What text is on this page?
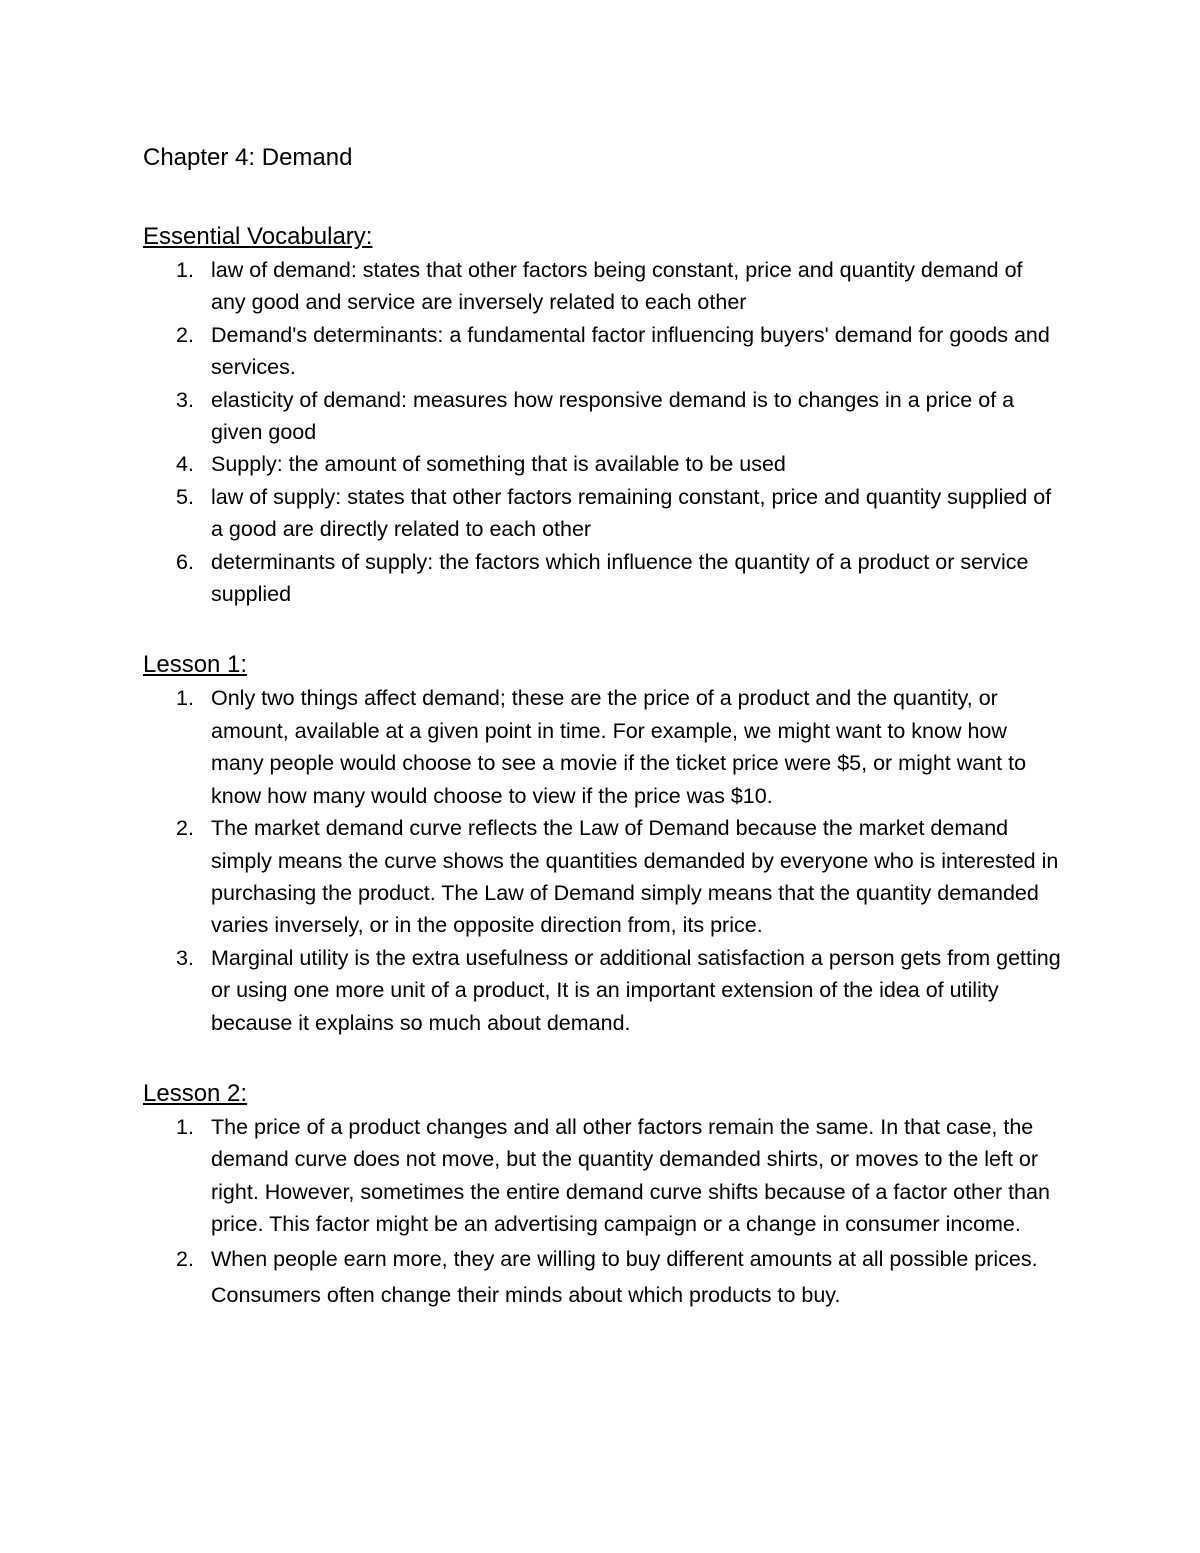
Chapter 4: Demand
Essential Vocabulary:
1. law of demand: states that other factors being constant, price and quantity demand of any good and service are inversely related to each other
2. Demand's determinants: a fundamental factor influencing buyers' demand for goods and services.
3. elasticity of demand: measures how responsive demand is to changes in a price of a given good
4. Supply: the amount of something that is available to be used
5. law of supply: states that other factors remaining constant, price and quantity supplied of a good are directly related to each other
6. determinants of supply: the factors which influence the quantity of a product or service supplied
Lesson 1:
1. Only two things affect demand; these are the price of a product and the quantity, or amount, available at a given point in time. For example, we might want to know how many people would choose to see a movie if the ticket price were $5, or might want to know how many would choose to view if the price was $10.
2. The market demand curve reflects the Law of Demand because the market demand simply means the curve shows the quantities demanded by everyone who is interested in purchasing the product. The Law of Demand simply means that the quantity demanded varies inversely, or in the opposite direction from, its price.
3. Marginal utility is the extra usefulness or additional satisfaction a person gets from getting or using one more unit of a product, It is an important extension of the idea of utility because it explains so much about demand.
Lesson 2:
1. The price of a product changes and all other factors remain the same. In that case, the demand curve does not move, but the quantity demanded shirts, or moves to the left or right. However, sometimes the entire demand curve shifts because of a factor other than price. This factor might be an advertising campaign or a change in consumer income.
2. When people earn more, they are willing to buy different amounts at all possible prices. Consumers often change their minds about which products to buy.
